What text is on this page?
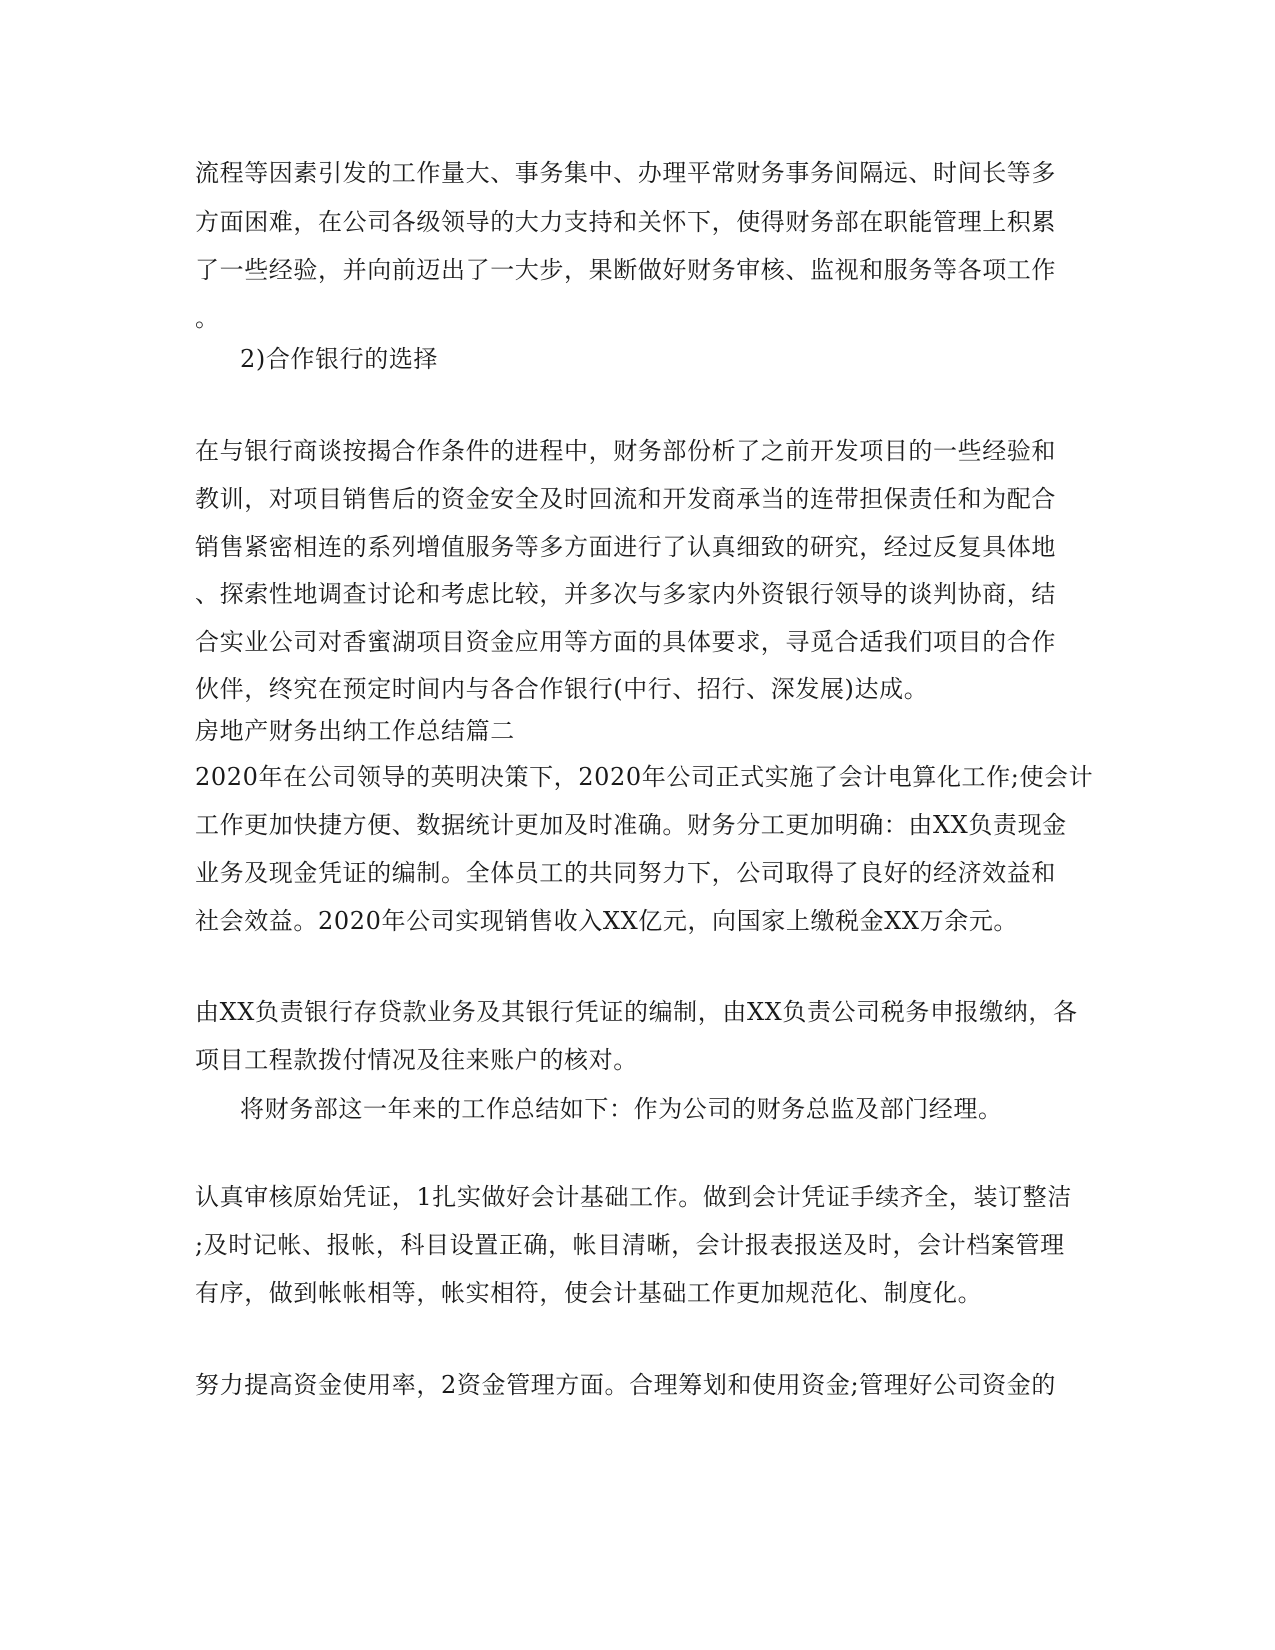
流程等因素引发的工作量大、事务集中、办理平常财务事务间隔远、时间长等多
方面困难，在公司各级领导的大力支持和关怀下，使得财务部在职能管理上积累
了一些经验，并向前迈出了一大步，果断做好财务审核、监视和服务等各项工作
。
2)合作银行的选择
在与银行商谈按揭合作条件的进程中，财务部份析了之前开发项目的一些经验和
教训，对项目销售后的资金安全及时回流和开发商承当的连带担保责任和为配合
销售紧密相连的系列增值服务等多方面进行了认真细致的研究，经过反复具体地
、探索性地调查讨论和考虑比较，并多次与多家内外资银行领导的谈判协商，结
合实业公司对香蜜湖项目资金应用等方面的具体要求，寻觅合适我们项目的合作
伙伴，终究在预定时间内与各合作银行(中行、招行、深发展)达成。
房地产财务出纳工作总结篇二
2020年在公司领导的英明决策下，2020年公司正式实施了会计电算化工作;使会计
工作更加快捷方便、数据统计更加及时准确。财务分工更加明确：由XX负责现金
业务及现金凭证的编制。全体员工的共同努力下，公司取得了良好的经济效益和
社会效益。2020年公司实现销售收入XX亿元，向国家上缴税金XX万余元。
由XX负责银行存贷款业务及其银行凭证的编制，由XX负责公司税务申报缴纳，各
项目工程款拨付情况及往来账户的核对。
将财务部这一年来的工作总结如下：作为公司的财务总监及部门经理。
认真审核原始凭证，1扎实做好会计基础工作。做到会计凭证手续齐全，装订整洁
;及时记帐、报帐，科目设置正确，帐目清晰，会计报表报送及时，会计档案管理
有序，做到帐帐相等，帐实相符，使会计基础工作更加规范化、制度化。
努力提高资金使用率，2资金管理方面。合理筹划和使用资金;管理好公司资金的
